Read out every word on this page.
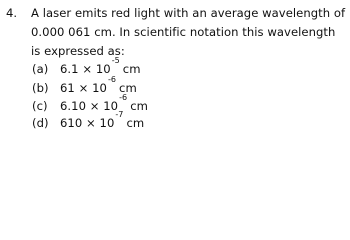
4. A laser emits red light with an average wavelength of
0.000 061 cm. In scientific notation this wavelength
is expressed as:
(a) $6.1 \times 10^{-5}cm$
(b) $61 \times 10^{-6}cm$
(c) $6.10 \times 10^{-6}cm$
(d) $610 \times 10^{-7}cm$
